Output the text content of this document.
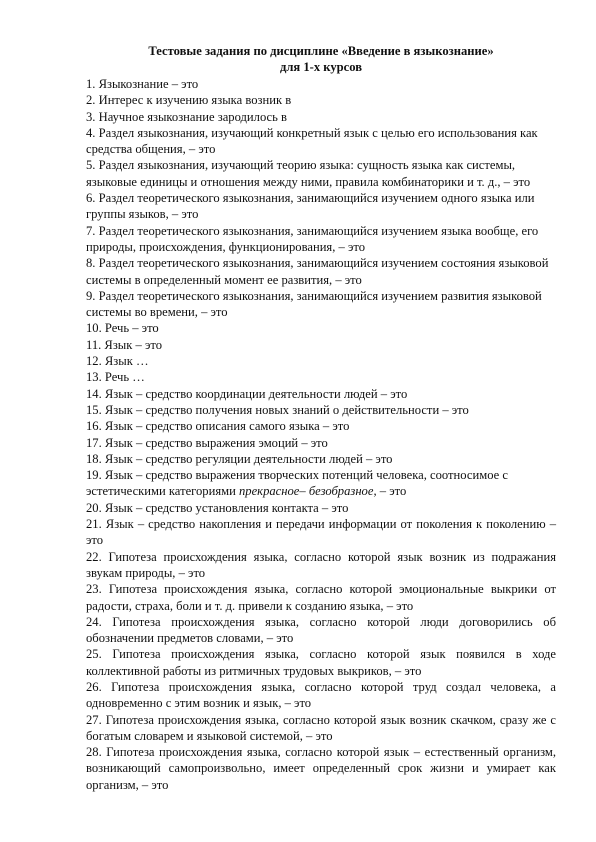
Тестовые задания по дисциплине «Введение в языкознание»
для 1-х курсов
1. Языкознание – это
2. Интерес к изучению языка возник в
3. Научное языкознание зародилось в
4. Раздел языкознания, изучающий конкретный язык с целью его использования как средства общения, – это
5. Раздел языкознания, изучающий теорию языка: сущность языка как системы, языковые единицы и отношения между ними, правила комбинаторики и т. д., – это
6. Раздел теоретического языкознания, занимающийся изучением одного языка или группы языков, – это
7. Раздел теоретического языкознания, занимающийся изучением языка вообще, его природы, происхождения, функционирования, – это
8. Раздел теоретического языкознания, занимающийся изучением состояния языковой системы в определенный момент ее развития, – это
9. Раздел теоретического языкознания, занимающийся изучением развития языковой системы во времени, – это
10. Речь – это
11. Язык – это
12. Язык …
13. Речь …
14. Язык – средство координации деятельности людей – это
15. Язык – средство получения новых знаний о действительности – это
16. Язык – средство описания самого языка – это
17. Язык – средство выражения эмоций – это
18. Язык – средство регуляции деятельности людей – это
19. Язык – средство выражения творческих потенций человека, соотносимое с эстетическими категориями прекрасное– безобразное, – это
20. Язык – средство установления контакта – это
21. Язык – средство накопления и передачи информации от поколения к поколению – это
22. Гипотеза происхождения языка, согласно которой язык возник из подражания звукам природы, – это
23. Гипотеза происхождения языка, согласно которой эмоциональные выкрики от радости, страха, боли и т. д. привели к созданию языка, – это
24. Гипотеза происхождения языка, согласно которой люди договорились об обозначении предметов словами, – это
25. Гипотеза происхождения языка, согласно которой язык появился в ходе коллективной работы из ритмичных трудовых выкриков, – это
26. Гипотеза происхождения языка, согласно которой труд создал человека, а одновременно с этим возник и язык, – это
27. Гипотеза происхождения языка, согласно которой язык возник скачком, сразу же с богатым словарем и языковой системой, – это
28. Гипотеза происхождения языка, согласно которой язык – естественный организм, возникающий самопроизвольно, имеет определенный срок жизни и умирает как организм, – это
